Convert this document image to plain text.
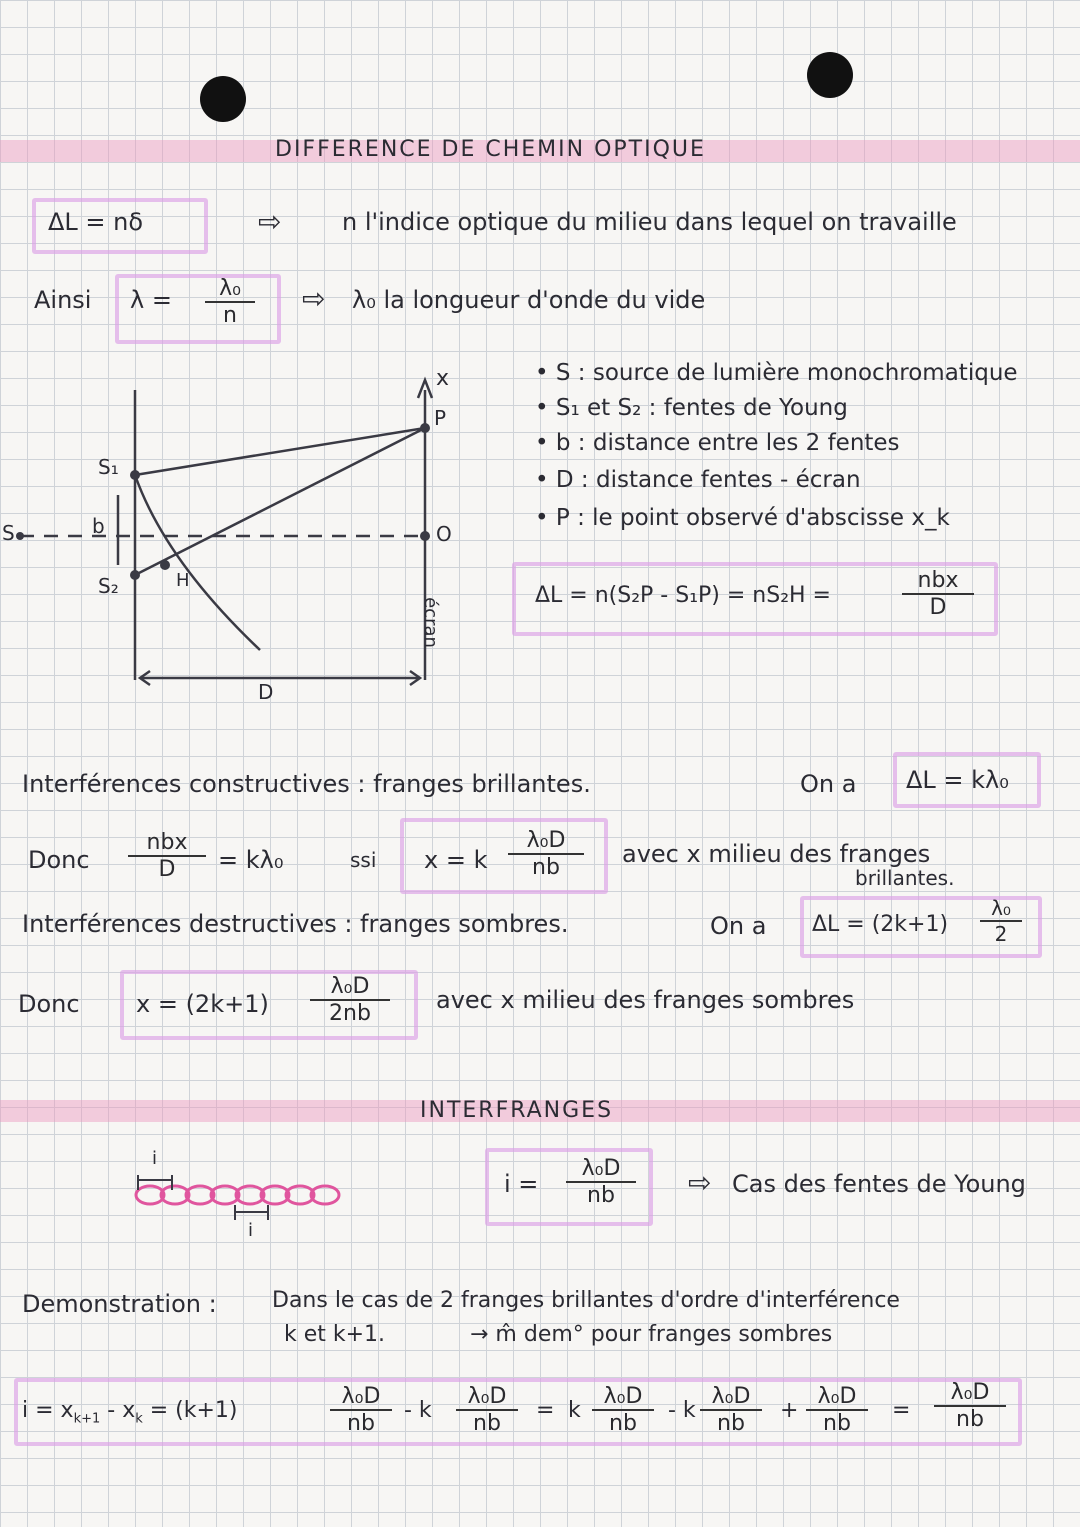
DIFFERENCE DE CHEMIN OPTIQUE
ΔL = nδ	⇨	n l'indice optique du milieu dans lequel on travaille
Ainsi $\lambda = \frac{\text{λ₀}}{n}$ ⇨ λ₀ la longueur d'onde du vide
x
P
S₁
S₂
S	b
H
O
écran
D
• S : source de lumière monochromatique
• S₁ et S₂ : fentes de Young
• b : distance entre les 2 fentes
• D : distance fentes - écran
• P : le point observé d'abscisse x_k
ΔL = n(S₂P - S₁P) = nS₂H =
nbx
D
Interférences constructives : franges brillantes.	On a ΔL = kλ₀
Donc
nbx
D	= kλ₀	ssi x = k $\frac{\text{λ₀D}}{nb}$ avec x milieu des franges
brillantes.
Interférences destructives : franges sombres.	On a $\Delta L = (2k+1) \frac{\text{λ₀}}{2}$
Donc $x = (2k+1) \frac{\text{λ₀D}}{2nb}$ avec x milieu des franges sombres
INTERFRANGES
i
i
$i = \frac{\text{λ₀D}}{nb}$ ⇨ Cas des fentes de Young
Demonstration :	Dans le cas de 2 franges brillantes d'ordre d'interférence
k et k+1.	→ m̂ dem° pour franges sombres
$i = x_{k+1} - x_k = (k+1)$	$\frac{\text{λ₀D}}{nb} - k \frac{\text{λ₀D}}{nb} = k \frac{\text{λ₀D}}{nb} - k \frac{\text{λ₀D}}{nb} + \frac{\text{λ₀D}}{nb} = \frac{\text{λ₀D}}{nb}$
